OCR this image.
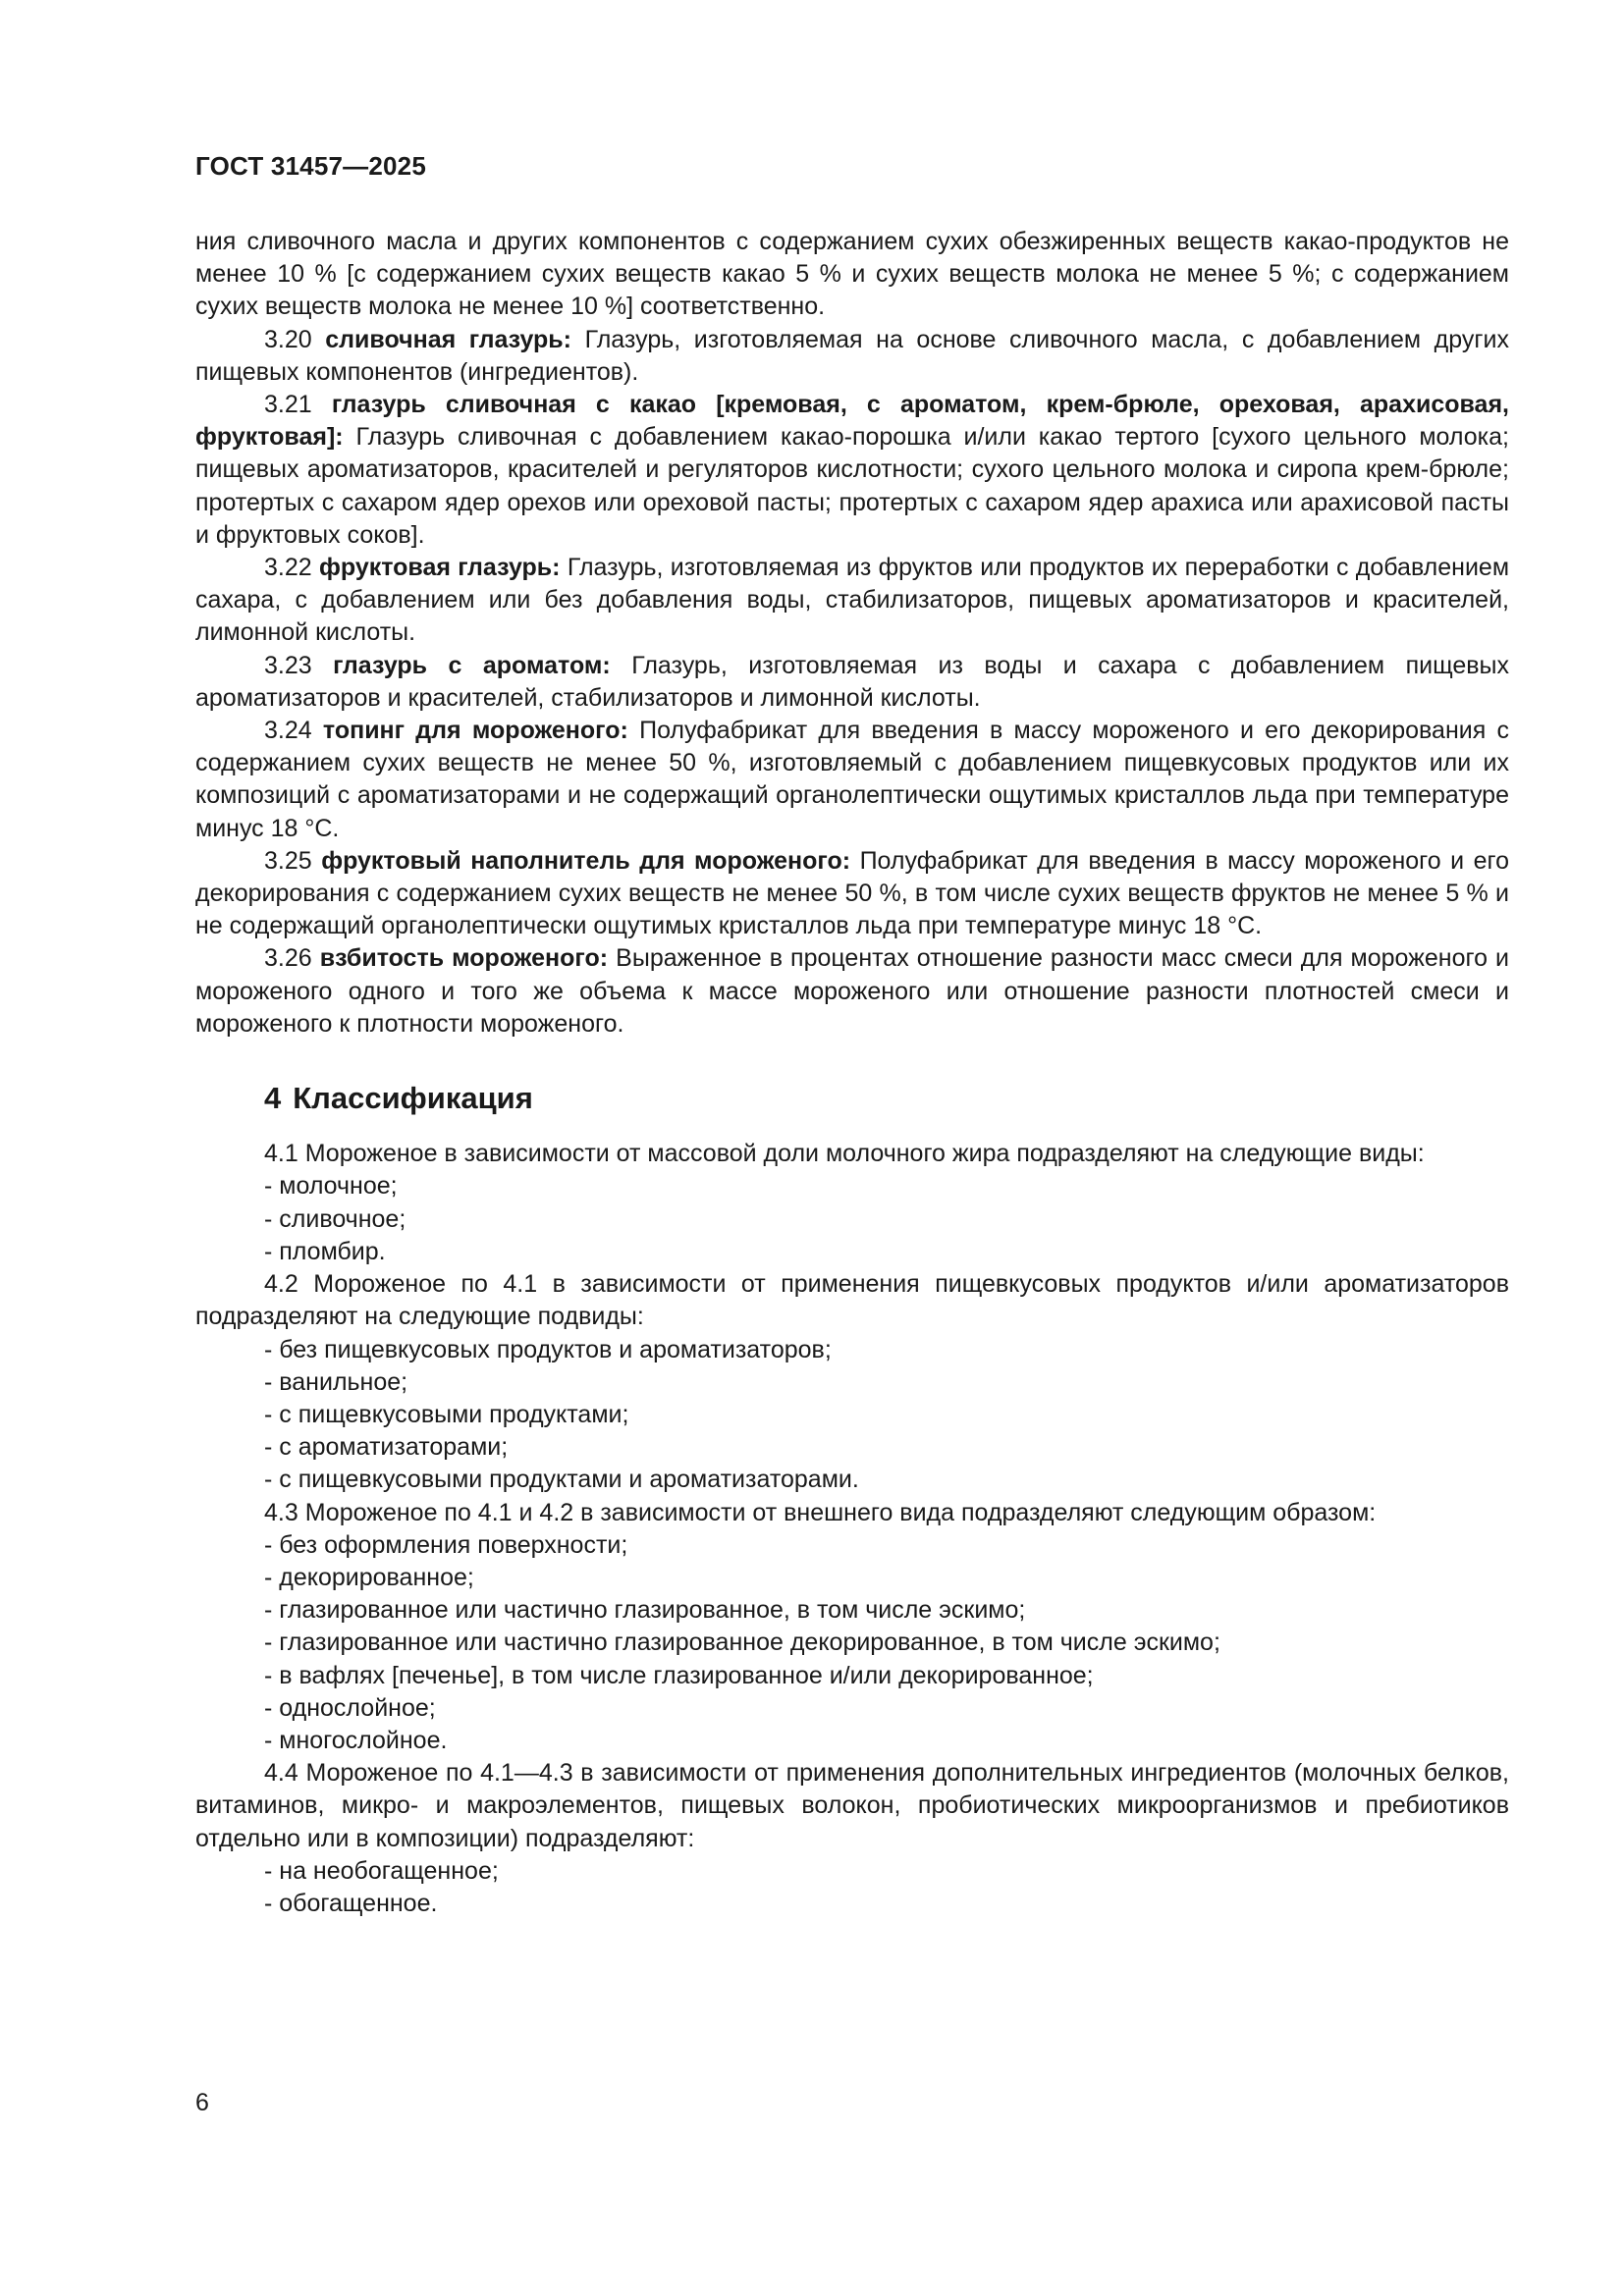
ГОСТ 31457—2025

ния сливочного масла и других компонентов с содержанием сухих обезжиренных веществ какао-продуктов не менее 10 % [с содержанием сухих веществ какао 5 % и сухих веществ молока не менее 5 %; с содержанием сухих веществ молока не менее 10 %] соответственно.

3.20 сливочная глазурь: Глазурь, изготовляемая на основе сливочного масла, с добавлением других пищевых компонентов (ингредиентов).

3.21 глазурь сливочная с какао [кремовая, с ароматом, крем-брюле, ореховая, арахисовая, фруктовая]: Глазурь сливочная с добавлением какао-порошка и/или какао тертого [сухого цельного молока; пищевых ароматизаторов, красителей и регуляторов кислотности; сухого цельного молока и сиропа крем-брюле; протертых с сахаром ядер орехов или ореховой пасты; протертых с сахаром ядер арахиса или арахисовой пасты и фруктовых соков].

3.22 фруктовая глазурь: Глазурь, изготовляемая из фруктов или продуктов их переработки с добавлением сахара, с добавлением или без добавления воды, стабилизаторов, пищевых ароматизаторов и красителей, лимонной кислоты.

3.23 глазурь с ароматом: Глазурь, изготовляемая из воды и сахара с добавлением пищевых ароматизаторов и красителей, стабилизаторов и лимонной кислоты.

3.24 топинг для мороженого: Полуфабрикат для введения в массу мороженого и его декорирования с содержанием сухих веществ не менее 50 %, изготовляемый с добавлением пищевкусовых продуктов или их композиций с ароматизаторами и не содержащий органолептически ощутимых кристаллов льда при температуре минус 18 °C.

3.25 фруктовый наполнитель для мороженого: Полуфабрикат для введения в массу мороженого и его декорирования с содержанием сухих веществ не менее 50 %, в том числе сухих веществ фруктов не менее 5 % и не содержащий органолептически ощутимых кристаллов льда при температуре минус 18 °C.

3.26 взбитость мороженого: Выраженное в процентах отношение разности масс смеси для мороженого и мороженого одного и того же объема к массе мороженого или отношение разности плотностей смеси и мороженого к плотности мороженого.

4 Классификация

4.1 Мороженое в зависимости от массовой доли молочного жира подразделяют на следующие виды:

- молочное;

- сливочное;

- пломбир.

4.2 Мороженое по 4.1 в зависимости от применения пищевкусовых продуктов и/или ароматизаторов подразделяют на следующие подвиды:

- без пищевкусовых продуктов и ароматизаторов;

- ванильное;

- с пищевкусовыми продуктами;

- с ароматизаторами;

- с пищевкусовыми продуктами и ароматизаторами.

4.3 Мороженое по 4.1 и 4.2 в зависимости от внешнего вида подразделяют следующим образом:

- без оформления поверхности;

- декорированное;

- глазированное или частично глазированное, в том числе эскимо;

- глазированное или частично глазированное декорированное, в том числе эскимо;

- в вафлях [печенье], в том числе глазированное и/или декорированное;

- однослойное;

- многослойное.

4.4 Мороженое по 4.1—4.3 в зависимости от применения дополнительных ингредиентов (молочных белков, витаминов, микро- и макроэлементов, пищевых волокон, пробиотических микроорганизмов и пребиотиков отдельно или в композиции) подразделяют:

- на необогащенное;

- обогащенное.

6
